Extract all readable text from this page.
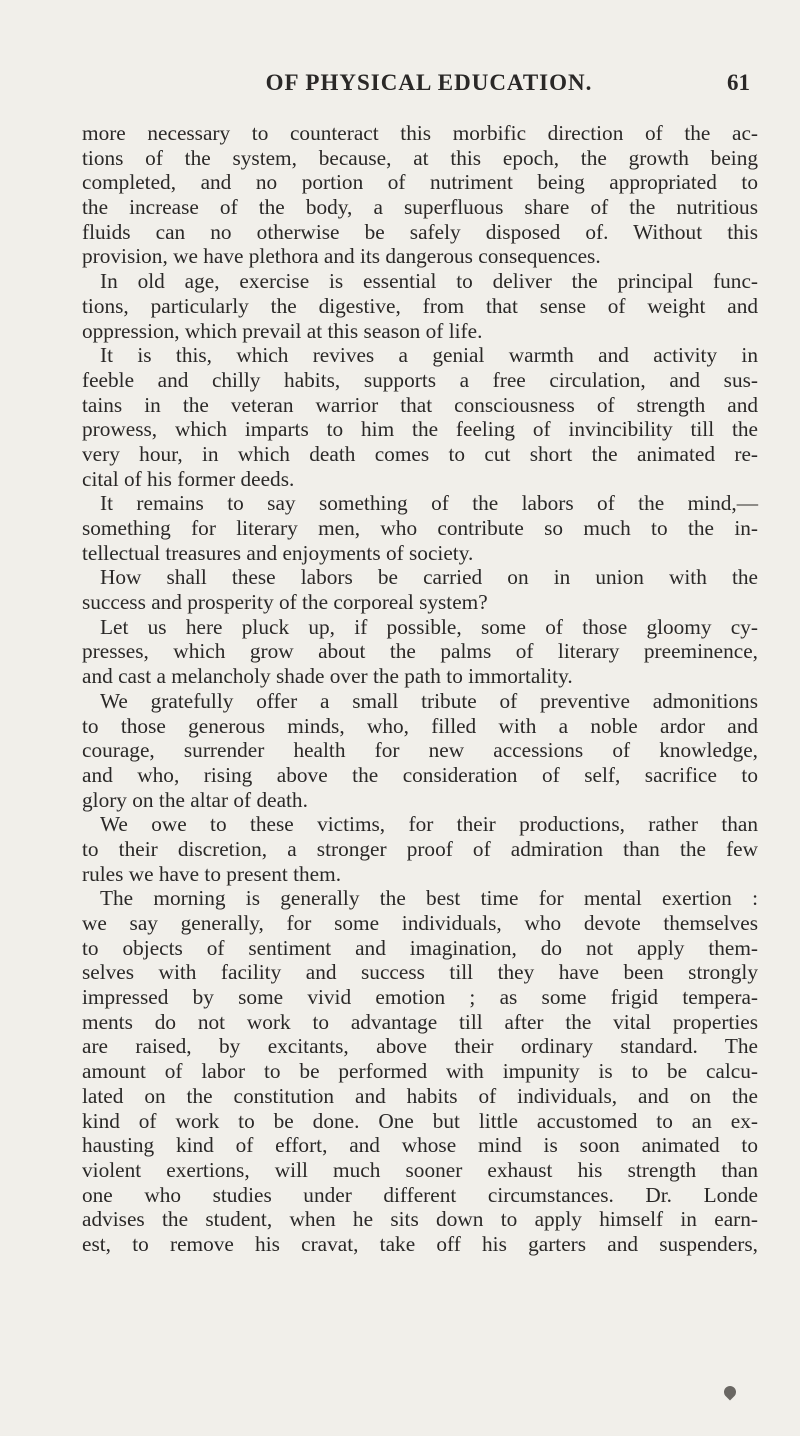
OF PHYSICAL EDUCATION.	61
more necessary to counteract this morbific direction of the ac-
tions of the system, because, at this epoch, the growth being
completed, and no portion of nutriment being appropriated to
the increase of the body, a superfluous share of the nutritious
fluids can no otherwise be safely disposed of. Without this
provision, we have plethora and its dangerous consequences.
In old age, exercise is essential to deliver the principal func-
tions, particularly the digestive, from that sense of weight and
oppression, which prevail at this season of life.
It is this, which revives a genial warmth and activity in
feeble and chilly habits, supports a free circulation, and sus-
tains in the veteran warrior that consciousness of strength and
prowess, which imparts to him the feeling of invincibility till the
very hour, in which death comes to cut short the animated re-
cital of his former deeds.
It remains to say something of the labors of the mind,—
something for literary men, who contribute so much to the in-
tellectual treasures and enjoyments of society.
How shall these labors be carried on in union with the
success and prosperity of the corporeal system?
Let us here pluck up, if possible, some of those gloomy cy-
presses, which grow about the palms of literary preeminence,
and cast a melancholy shade over the path to immortality.
We gratefully offer a small tribute of preventive admonitions
to those generous minds, who, filled with a noble ardor and
courage, surrender health for new accessions of knowledge,
and who, rising above the consideration of self, sacrifice to
glory on the altar of death.
We owe to these victims, for their productions, rather than
to their discretion, a stronger proof of admiration than the few
rules we have to present them.
The morning is generally the best time for mental exertion :
we say generally, for some individuals, who devote themselves
to objects of sentiment and imagination, do not apply them-
selves with facility and success till they have been strongly
impressed by some vivid emotion ; as some frigid tempera-
ments do not work to advantage till after the vital properties
are raised, by excitants, above their ordinary standard. The
amount of labor to be performed with impunity is to be calcu-
lated on the constitution and habits of individuals, and on the
kind of work to be done. One but little accustomed to an ex-
hausting kind of effort, and whose mind is soon animated to
violent exertions, will much sooner exhaust his strength than
one who studies under different circumstances. Dr. Londe
advises the student, when he sits down to apply himself in earn-
est, to remove his cravat, take off his garters and suspenders,
